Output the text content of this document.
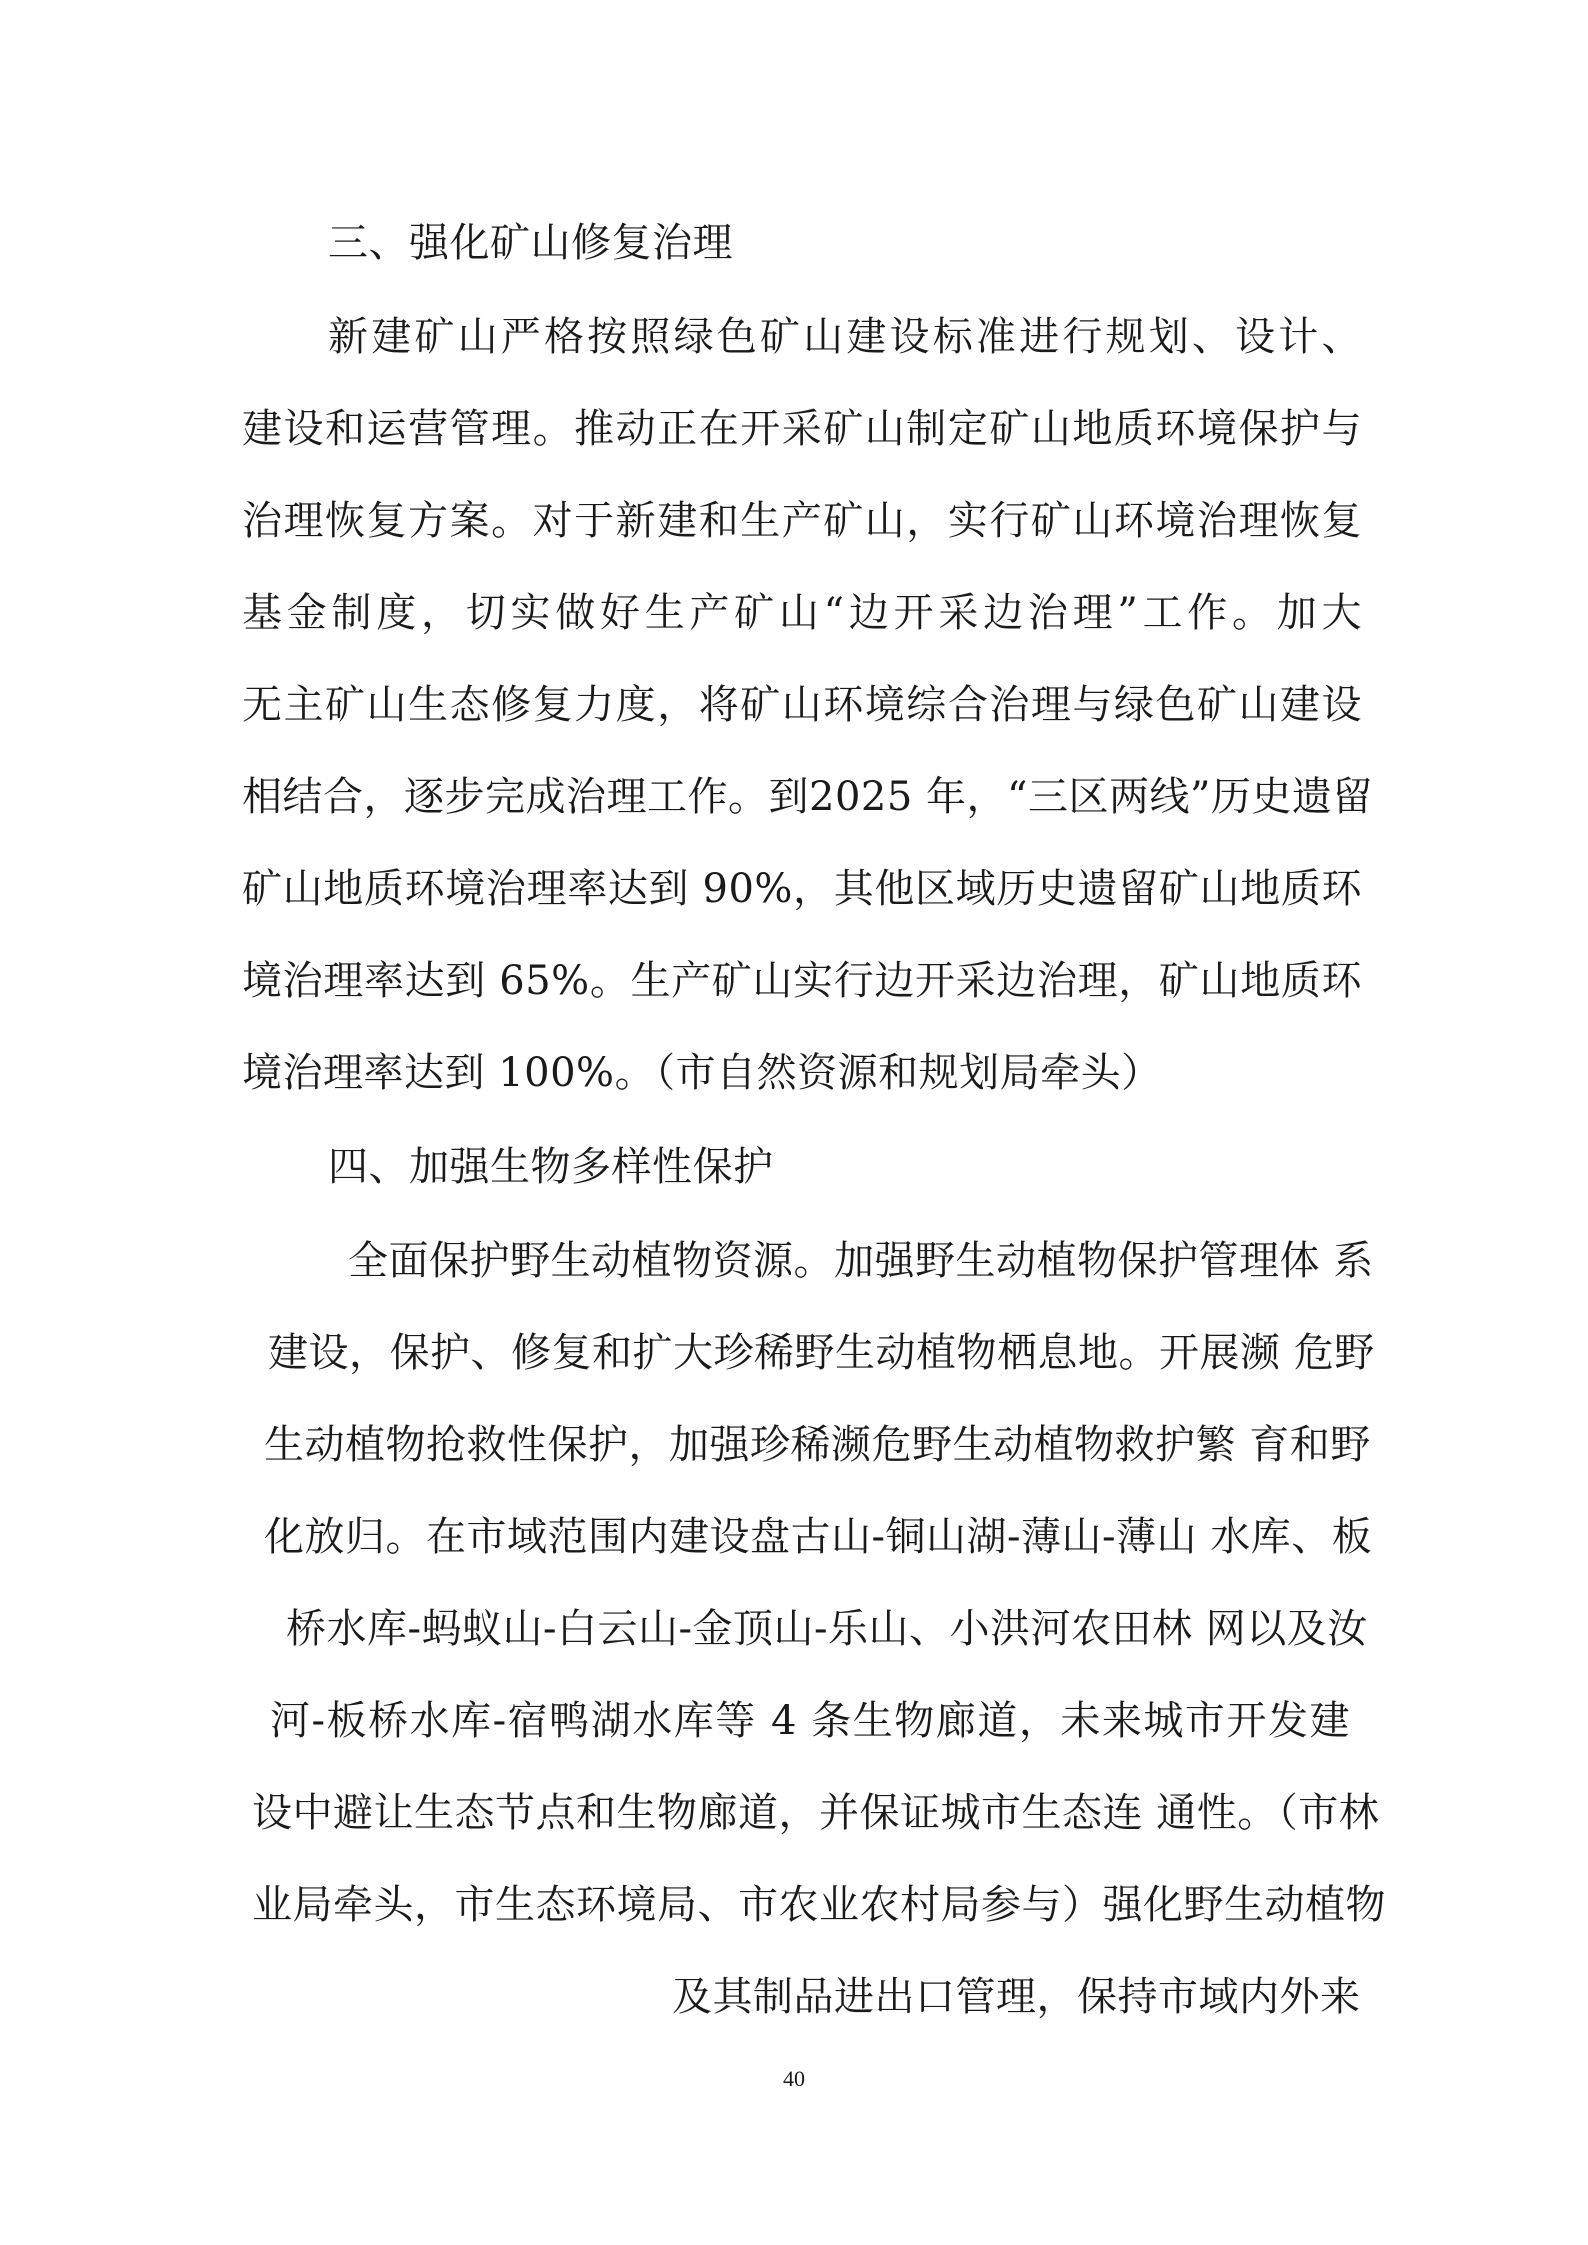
三、强化矿山修复治理

新建矿山严格按照绿色矿山建设标准进行规划、设计、

建设和运营管理。推动正在开采矿山制定矿山地质环境保护与

治理恢复方案。对于新建和生产矿山，实行矿山环境治理恢复

基金制度，切实做好生产矿山“边开采边治理”工作。加大

无主矿山生态修复力度，将矿山环境综合治理与绿色矿山建设

相结合，逐步完成治理工作。到2025 年，“三区两线”历史遗留

矿山地质环境治理率达到 90%，其他区域历史遗留矿山地质环

境治理率达到 65%。生产矿山实行边开采边治理，矿山地质环

境治理率达到 100%。（市自然资源和规划局牵头）

四、加强生物多样性保护

全面保护野生动植物资源。加强野生动植物保护管理体 系

建设，保护、修复和扩大珍稀野生动植物栖息地。开展濒 危野

生动植物抢救性保护，加强珍稀濒危野生动植物救护繁 育和野

化放归。在市域范围内建设盘古山-铜山湖-薄山-薄山 水库、板

桥水库-蚂蚁山-白云山-金顶山-乐山、小洪河农田林 网以及汝

河-板桥水库-宿鸭湖水库等 4 条生物廊道，未来城市开发建

设中避让生态节点和生物廊道，并保证城市生态连 通性。（市林

业局牵头，市生态环境局、市农业农村局参与）强化野生动植物

及其制品进出口管理，保持市域内外来

40
